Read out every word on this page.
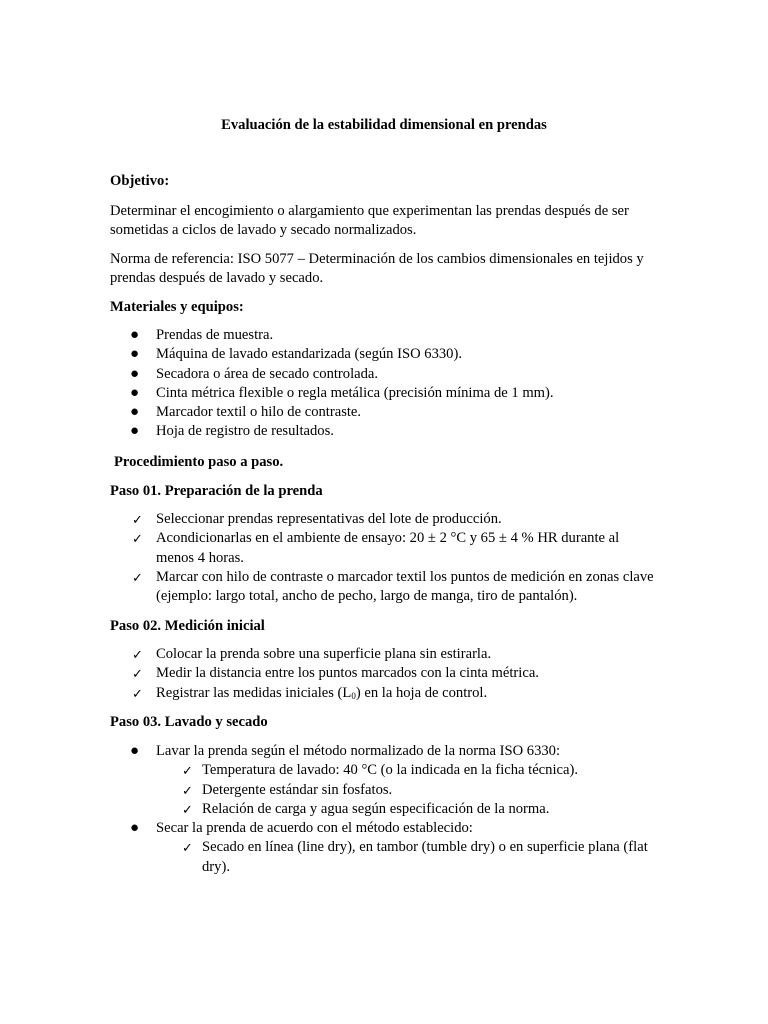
Evaluación de la estabilidad dimensional en prendas
Objetivo:
Determinar el encogimiento o alargamiento que experimentan las prendas después de ser sometidas a ciclos de lavado y secado normalizados.
Norma de referencia: ISO 5077 – Determinación de los cambios dimensionales en tejidos y prendas después de lavado y secado.
Materiales y equipos:
● Prendas de muestra.
● Máquina de lavado estandarizada (según ISO 6330).
● Secadora o área de secado controlada.
● Cinta métrica flexible o regla metálica (precisión mínima de 1 mm).
● Marcador textil o hilo de contraste.
● Hoja de registro de resultados.
Procedimiento paso a paso.
Paso 01. Preparación de la prenda
✓ Seleccionar prendas representativas del lote de producción.
✓ Acondicionarlas en el ambiente de ensayo: 20 ± 2 °C y 65 ± 4 % HR durante al menos 4 horas.
✓ Marcar con hilo de contraste o marcador textil los puntos de medición en zonas clave (ejemplo: largo total, ancho de pecho, largo de manga, tiro de pantalón).
Paso 02. Medición inicial
✓ Colocar la prenda sobre una superficie plana sin estirarla.
✓ Medir la distancia entre los puntos marcados con la cinta métrica.
✓ Registrar las medidas iniciales $(L_0)$ en la hoja de control.
Paso 03. Lavado y secado
● Lavar la prenda según el método normalizado de la norma ISO 6330:
✓ Temperatura de lavado: 40 °C (o la indicada en la ficha técnica).
✓ Detergente estándar sin fosfatos.
✓ Relación de carga y agua según especificación de la norma.
● Secar la prenda de acuerdo con el método establecido:
✓ Secado en línea (line dry), en tambor (tumble dry) o en superficie plana (flat dry).
